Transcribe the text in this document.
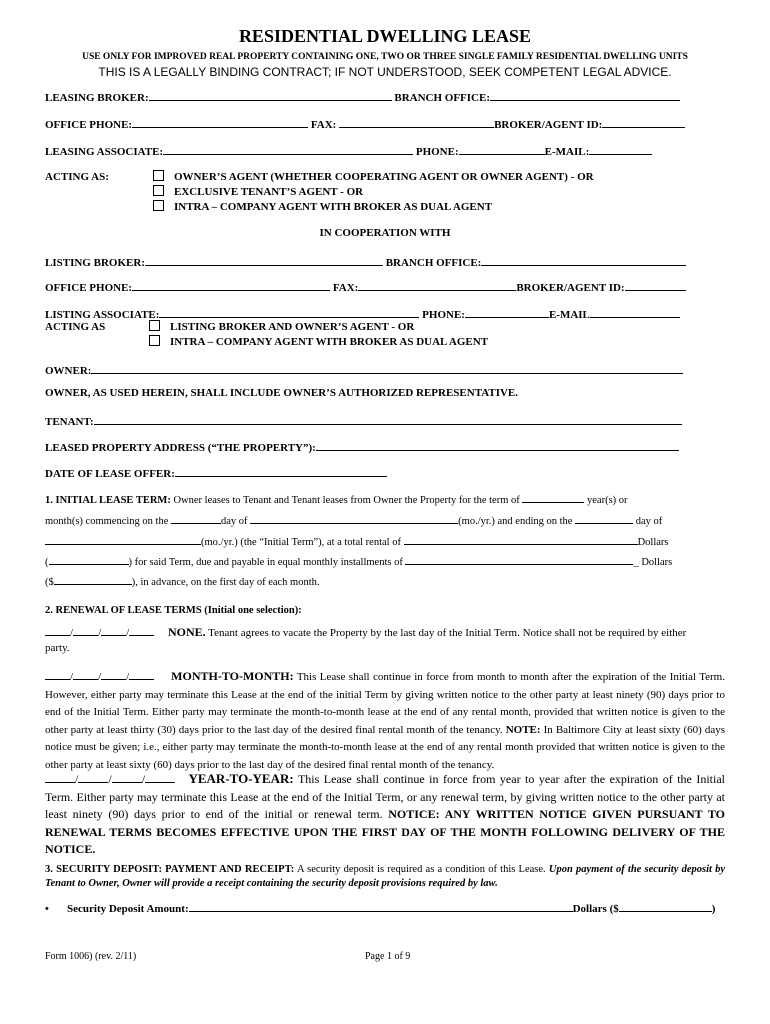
RESIDENTIAL DWELLING LEASE
USE ONLY FOR IMPROVED REAL PROPERTY CONTAINING ONE, TWO OR THREE SINGLE FAMILY RESIDENTIAL DWELLING UNITS
THIS IS A LEGALLY BINDING CONTRACT; IF NOT UNDERSTOOD, SEEK COMPETENT LEGAL ADVICE.
LEASING BROKER:	BRANCH OFFICE:
OFFICE PHONE:	FAX:	BROKER/AGENT ID:
LEASING ASSOCIATE:	PHONE:	E-MAIL:
ACTING AS:	OWNER’S AGENT (WHETHER COOPERATING AGENT OR OWNER AGENT) - OR
EXCLUSIVE TENANT’S AGENT - OR
INTRA – COMPANY AGENT WITH BROKER AS DUAL AGENT
IN COOPERATION WITH
LISTING BROKER:	BRANCH OFFICE:
OFFICE PHONE:	FAX:	BROKER/AGENT ID:
LISTING ASSOCIATE:	PHONE:	E-MAIL
ACTING AS	LISTING BROKER AND OWNER’S AGENT - OR
INTRA – COMPANY AGENT WITH BROKER AS DUAL AGENT
OWNER:
OWNER, AS USED HEREIN, SHALL INCLUDE OWNER’S AUTHORIZED REPRESENTATIVE.
TENANT:
LEASED PROPERTY ADDRESS (“THE PROPERTY”):
DATE OF LEASE OFFER:
1. INITIAL LEASE TERM: Owner leases to Tenant and Tenant leases from Owner the Property for the term of	year(s) or
month(s) commencing on the	day of	(mo./yr.) and ending on the	day of
(mo./yr.) (the “Initial Term”), at a total rental of	Dollars
(	) for said Term, due and payable in equal monthly installments of	_ Dollars
($	), in advance, on the first day of each month.
2. RENEWAL OF LEASE TERMS (Initial one selection):
/ / /	NONE. Tenant agrees to vacate the Property by the last day of the Initial Term. Notice shall not be required by either
party.
/ / /	MONTH-TO-MONTH: This Lease shall continue in force from month to month after the expiration of the Initial Term. However, either party may terminate this Lease at the end of the initial Term by giving written notice to the other party at least ninety (90) days prior to end of the Initial Term. Either party may terminate the month-to-month lease at the end of any rental month, provided that written notice is given to the other party at least thirty (30) days prior to the last day of the desired final rental month of the tenancy. NOTE: In Baltimore City at least sixty (60) days notice must be given; i.e., either party may terminate the month-to-month lease at the end of any rental month provided that written notice is given to the other party at least sixty (60) days prior to the last day of the desired final rental month of the tenancy.
/	/	/	YEAR-TO-YEAR: This Lease shall continue in force from year to year after the expiration of the Initial Term. Either party may terminate this Lease at the end of the Initial Term, or any renewal term, by giving written notice to the other party at least ninety (90) days prior to end of the initial or renewal term. NOTICE: ANY WRITTEN NOTICE GIVEN PURSUANT TO RENEWAL TERMS BECOMES EFFECTIVE UPON THE FIRST DAY OF THE MONTH FOLLOWING DELIVERY OF THE NOTICE.
3. SECURITY DEPOSIT: PAYMENT AND RECEIPT: A security deposit is required as a condition of this Lease. Upon payment of the security deposit by Tenant to Owner, Owner will provide a receipt containing the security deposit provisions required by law.
• Security Deposit Amount:	Dollars ($	)
Form 1006) (rev. 2/11)	Page 1 of 9
